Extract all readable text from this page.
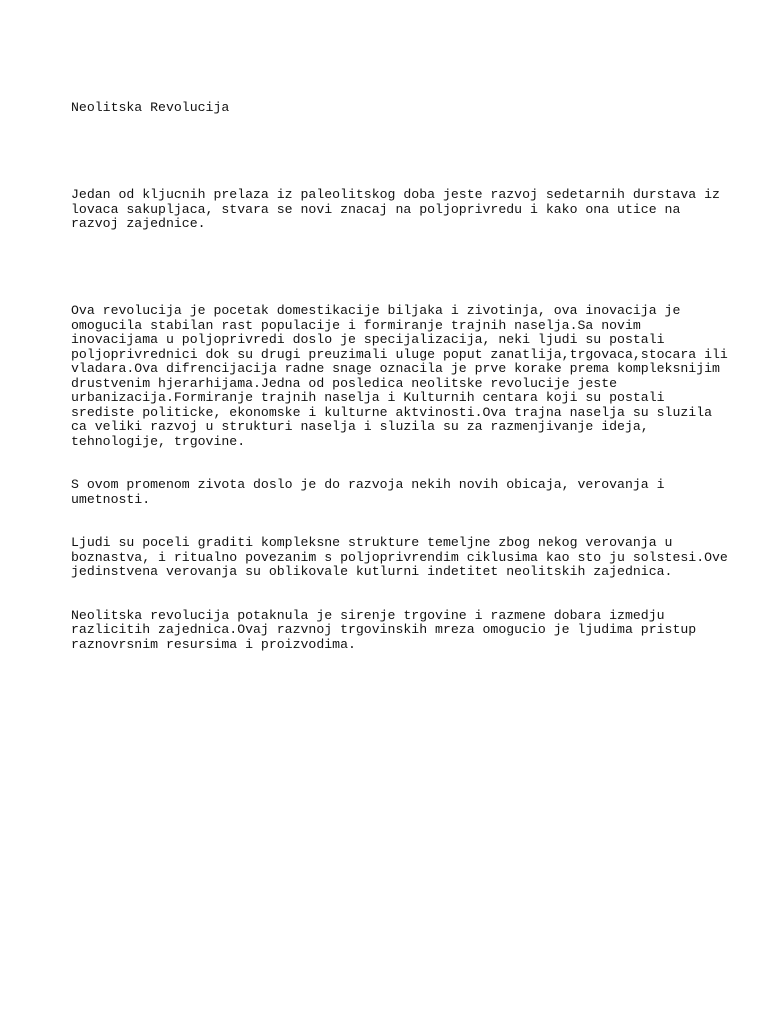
Neolitska Revolucija

Jedan od kljucnih prelaza iz paleolitskog doba jeste razvoj sedetarnih durstava iz
lovaca sakupljaca, stvara se novi znacaj na poljoprivredu i kako ona utice na
razvoj zajednice.

Ova revolucija je pocetak domestikacije biljaka i zivotinja, ova inovacija je
omogucila stabilan rast populacije i formiranje trajnih naselja.Sa novim
inovacijama u poljoprivredi doslo je specijalizacija, neki ljudi su postali
poljoprivrednici dok su drugi preuzimali uluge poput zanatlija,trgovaca,stocara ili
vladara.Ova difrencijacija radne snage oznacila je prve korake prema kompleksnijim
drustvenim hjerarhijama.Jedna od posledica neolitske revolucije jeste
urbanizacija.Formiranje trajnih naselja i Kulturnih centara koji su postali
srediste politicke, ekonomske i kulturne aktvinosti.Ova trajna naselja su sluzila
ca veliki razvoj u strukturi naselja i sluzila su za razmenjivanje ideja,
tehnologije, trgovine.

S ovom promenom zivota doslo je do razvoja nekih novih obicaja, verovanja i
umetnosti.

Ljudi su poceli graditi kompleksne strukture temeljne zbog nekog verovanja u
boznastva, i ritualno povezanim s poljoprivrendim ciklusima kao sto ju solstesi.Ove
jedinstvena verovanja su oblikovale kutlurni indetitet neolitskih zajednica.

Neolitska revolucija potaknula je sirenje trgovine i razmene dobara izmedju
razlicitih zajednica.Ovaj razvnoj trgovinskih mreza omogucio je ljudima pristup
raznovrsnim resursima i proizvodima.
